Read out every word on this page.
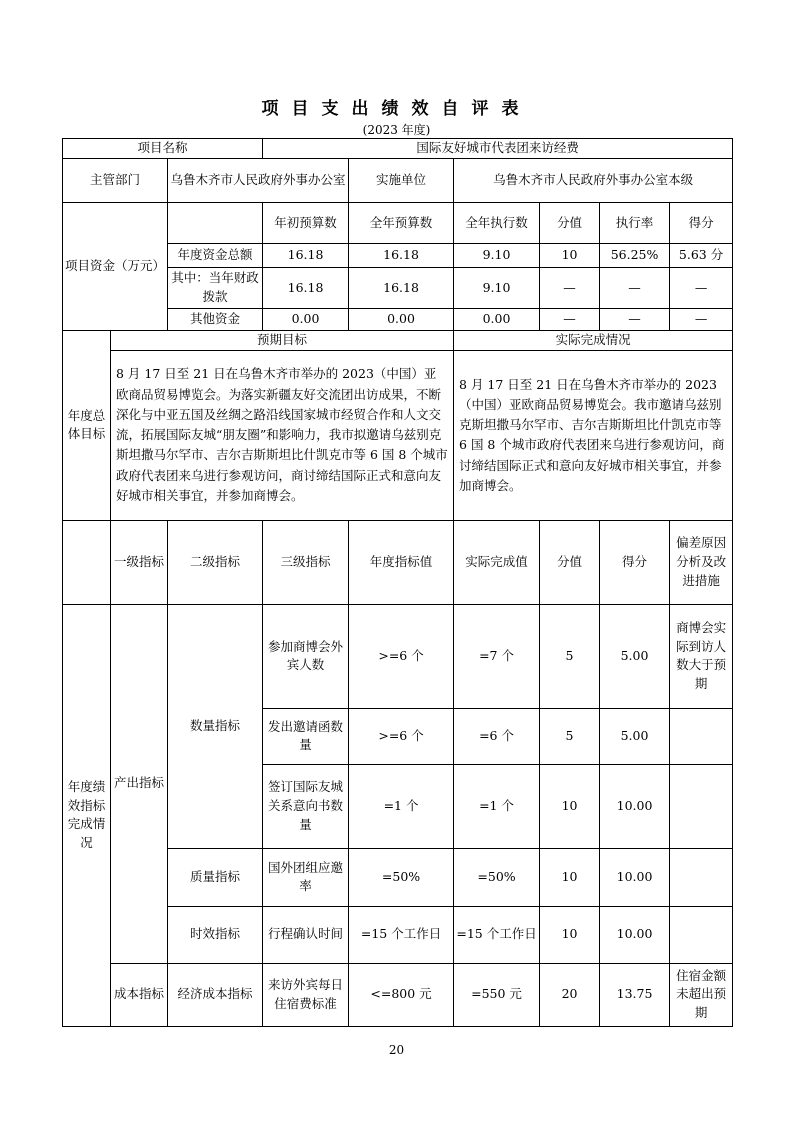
项目支出绩效自评表
(2023 年度)
项目名称			国际友好城市代表团来访经费					
主管部门		乌鲁木齐市人民政府外事办公室		实施单位	乌鲁木齐市人民政府外事办公室本级			
项目资金（万元）			年初预算数	全年预算数	全年执行数	分值	执行率	得分
		年度资金总额	16.18	16.18	9.10	10	56.25%	5.63 分
		其中：当年财政拨款	16.18	16.18	9.10	—	—	—
		其他资金	0.00	0.00	0.00	—	—	—
年度总体目标	预期目标				实际完成情况			
	8 月 17 日至 21 日在乌鲁木齐市举办的 2023（中国）亚欧商品贸易博览会。为落实新疆友好交流团出访成果，不断深化与中亚五国及丝绸之路沿线国家城市经贸合作和人文交流，拓展国际友城“朋友圈”和影响力，我市拟邀请乌兹别克斯坦撒马尔罕市、吉尔吉斯斯坦比什凯克市等 6 国 8 个城市政府代表团来乌进行参观访问，商讨缔结国际正式和意向友好城市相关事宜，并参加商博会。				8 月 17 日至 21 日在乌鲁木齐市举办的 2023（中国）亚欧商品贸易博览会。我市邀请乌兹别克斯坦撒马尔罕市、吉尔吉斯斯坦比什凯克市等 6 国 8 个城市政府代表团来乌进行参观访问，商讨缔结国际正式和意向友好城市相关事宜，并参加商博会。			
	一级指标	二级指标	三级指标	年度指标值	实际完成值	分值	得分	偏差原因分析及改进措施
年度绩效指标完成情况	产出指标	数量指标	参加商博会外宾人数	>=6 个	=7 个	5	5.00	商博会实际到访人数大于预期
			发出邀请函数量	>=6 个	=6 个	5	5.00	
			签订国际友城关系意向书数量	=1 个	=1 个	10	10.00	
		质量指标	国外团组应邀率	=50%	=50%	10	10.00	
		时效指标	行程确认时间	=15 个工作日	=15 个工作日	10	10.00	
	成本指标	经济成本指标	来访外宾每日住宿费标准	<=800 元	=550 元	20	13.75	住宿金额未超出预期
20
